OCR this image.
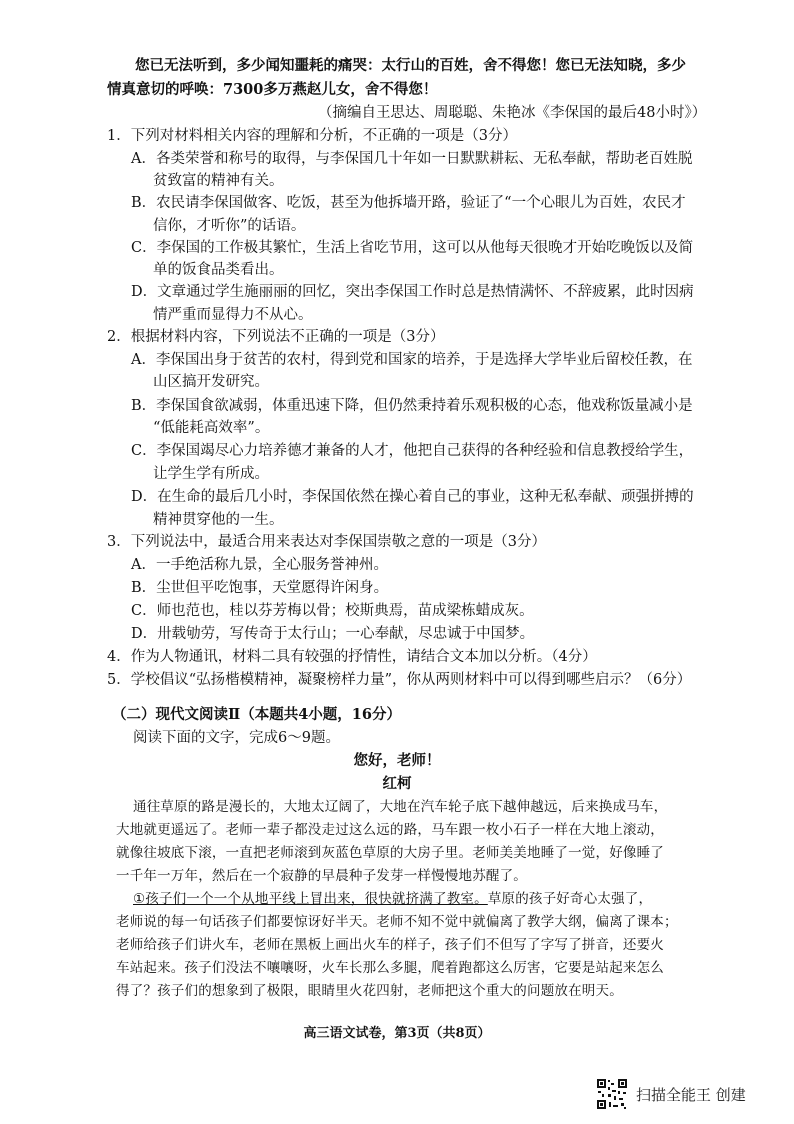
您已无法听到，多少闻知噩耗的痛哭：太行山的百姓，舍不得您！您已无法知晓，多少
情真意切的呼唤：7300多万燕赵儿女，舍不得您！
（摘编自王思达、周聪聪、朱艳冰《李保国的最后48小时》）
1．下列对材料相关内容的理解和分析，不正确的一项是（3分）
A．各类荣誉和称号的取得，与李保国几十年如一日默默耕耘、无私奉献，帮助老百姓脱
贫致富的精神有关。
B．农民请李保国做客、吃饭，甚至为他拆墙开路，验证了“一个心眼儿为百姓，农民才
信你，才听你”的话语。
C．李保国的工作极其繁忙，生活上省吃节用，这可以从他每天很晚才开始吃晚饭以及简
单的饭食品类看出。
D．文章通过学生施丽丽的回忆，突出李保国工作时总是热情满怀、不辞疲累，此时因病
情严重而显得力不从心。
2．根据材料内容，下列说法不正确的一项是（3分）
A．李保国出身于贫苦的农村，得到党和国家的培养，于是选择大学毕业后留校任教，在
山区搞开发研究。
B．李保国食欲减弱，体重迅速下降，但仍然秉持着乐观积极的心态，他戏称饭量减小是
“低能耗高效率”。
C．李保国竭尽心力培养德才兼备的人才，他把自己获得的各种经验和信息教授给学生，
让学生学有所成。
D．在生命的最后几小时，李保国依然在操心着自己的事业，这种无私奉献、顽强拼搏的
精神贯穿他的一生。
3．下列说法中，最适合用来表达对李保国崇敬之意的一项是（3分）
A．一手绝活称九景，全心服务誉神州。
B．尘世但平吃饱事，天堂愿得许闲身。
C．师也范也，桂以芬芳梅以骨；校斯典焉，苗成梁栋蜡成灰。
D．卅载劬劳，写传奇于太行山；一心奉献，尽忠诚于中国梦。
4．作为人物通讯，材料二具有较强的抒情性，请结合文本加以分析。（4分）
5．学校倡议“弘扬楷模精神，凝聚榜样力量”，你从两则材料中可以得到哪些启示？（6分）
（二）现代文阅读Ⅱ（本题共4小题，16分）
阅读下面的文字，完成6～9题。
您好，老师！
红柯
通往草原的路是漫长的，大地太辽阔了，大地在汽车轮子底下越伸越远，后来换成马车，
大地就更遥远了。老师一辈子都没走过这么远的路，马车跟一枚小石子一样在大地上滚动，
就像往坡底下滚，一直把老师滚到灰蓝色草原的大房子里。老师美美地睡了一觉，好像睡了
一千年一万年，然后在一个寂静的早晨种子发芽一样慢慢地苏醒了。
①孩子们一个一个从地平线上冒出来，很快就挤满了教室。草原的孩子好奇心太强了，
老师说的每一句话孩子们都要惊讶好半天。老师不知不觉中就偏离了教学大纲，偏离了课本；
老师给孩子们讲火车，老师在黑板上画出火车的样子，孩子们不但写了字写了拼音，还要火
车站起来。孩子们没法不嚷嚷呀，火车长那么多腿，爬着跑都这么厉害，它要是站起来怎么
得了？孩子们的想象到了极限，眼睛里火花四射，老师把这个重大的问题放在明天。
高三语文试卷，第3页（共8页）
扫描全能王 创建
